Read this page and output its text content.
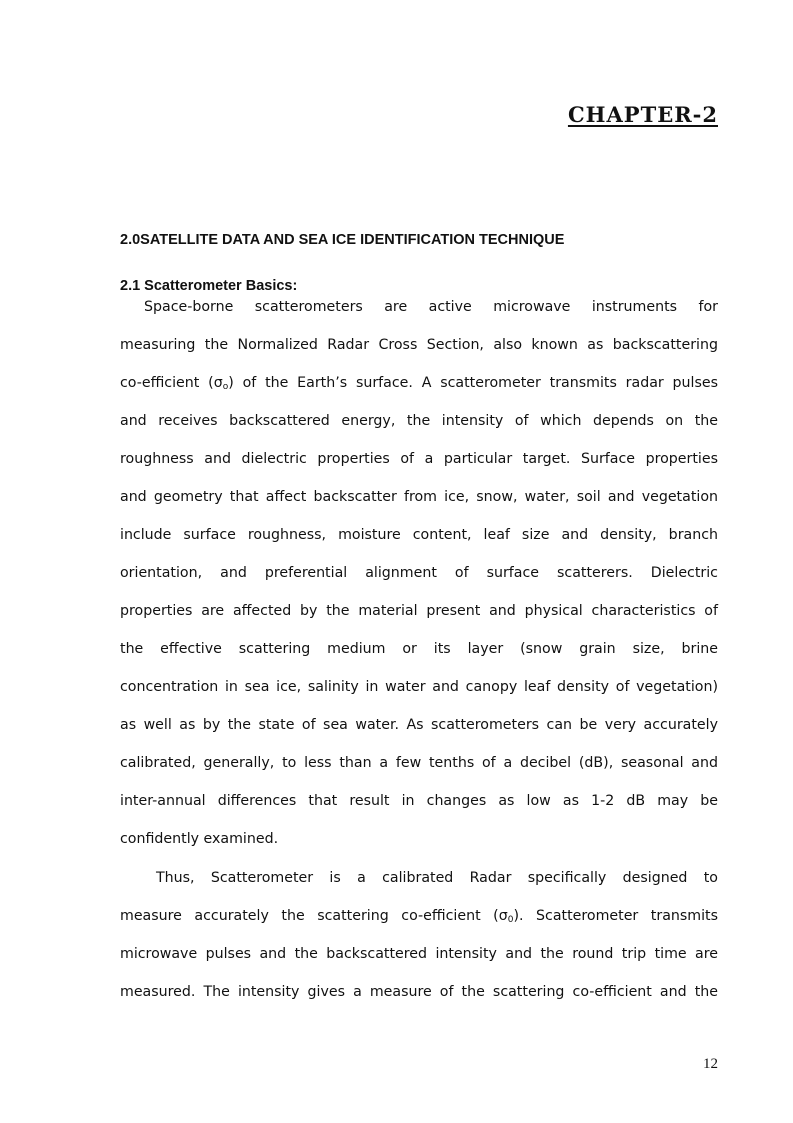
CHAPTER-2
2.0SATELLITE DATA AND SEA ICE IDENTIFICATION TECHNIQUE
2.1 Scatterometer Basics:
Space-borne scatterometers are active microwave instruments for
measuring the Normalized Radar Cross Section, also known as backscattering
co-efficient $(\sigma_o)$ of the Earth’s surface. A scatterometer transmits radar pulses
and receives backscattered energy, the intensity of which depends on the
roughness and dielectric properties of a particular target. Surface properties
and geometry that affect backscatter from ice, snow, water, soil and vegetation
include surface roughness, moisture content, leaf size and density, branch
orientation, and preferential alignment of surface scatterers. Dielectric
properties are affected by the material present and physical characteristics of
the effective scattering medium or its layer (snow grain size, brine
concentration in sea ice, salinity in water and canopy leaf density of vegetation)
as well as by the state of sea water. As scatterometers can be very accurately
calibrated, generally, to less than a few tenths of a decibel (dB), seasonal and
inter-annual differences that result in changes as low as 1-2 dB may be
confidently examined.
Thus, Scatterometer is a calibrated Radar specifically designed to
measure accurately the scattering co-efficient $(\sigma_0)$. Scatterometer transmits
microwave pulses and the backscattered intensity and the round trip time are
measured. The intensity gives a measure of the scattering co-efficient and the
12
